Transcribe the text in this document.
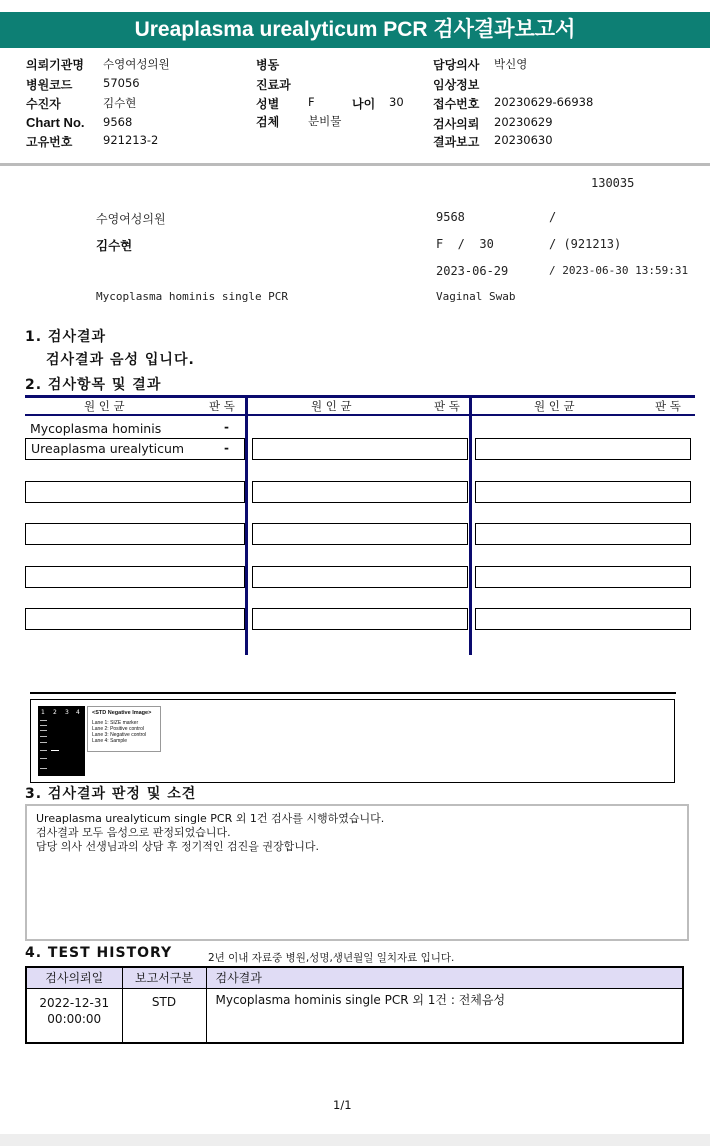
Ureaplasma urealyticum PCR 검사결과보고서
의뢰기관명 수영여성의원
병원코드	57056
수진자	김수현
Chart No. 9568
고유번호	921213-2
병동
진료과
성별	F	나이 30
검체	분비물
담당의사 박신영
임상정보
접수번호 20230629-66938
검사의뢰 20230629
결과보고 20230630
130035
수영여성의원	9568	/
김수현	F  /  30	/ (921213)
2023-06-29	/ 2023-06-30 13:59:31
Mycoplasma hominis single PCR	Vaginal Swab
1. 검사결과
검사결과 음성 입니다.
2. 검사항목 및 결과
원 인 균	판 독	원 인 균	판 독	원 인 균	판 독
Mycoplasma hominis	-
Ureaplasma urealyticum	-
1 2 3 4 <STD Negative Image>
Lane 1: SIZE marker
Lane 2: Positive control
Lane 3: Negative control
Lane 4: Sample
3. 검사결과 판정 및 소견
Ureaplasma urealyticum single PCR 외 1건 검사를 시행하였습니다.
검사결과 모두 음성으로 판정되었습니다.
담당 의사 선생님과의 상담 후 정기적인 검진을 권장합니다.
4. TEST HISTORY	2년 이내 자료중 병원,성명,생년월일 일치자료 입니다.
검사의뢰일	보고서구분	검사결과

2022-12-31
00:00:00	STD	Mycoplasma hominis single PCR 외 1건 : 전체음성
1/1
